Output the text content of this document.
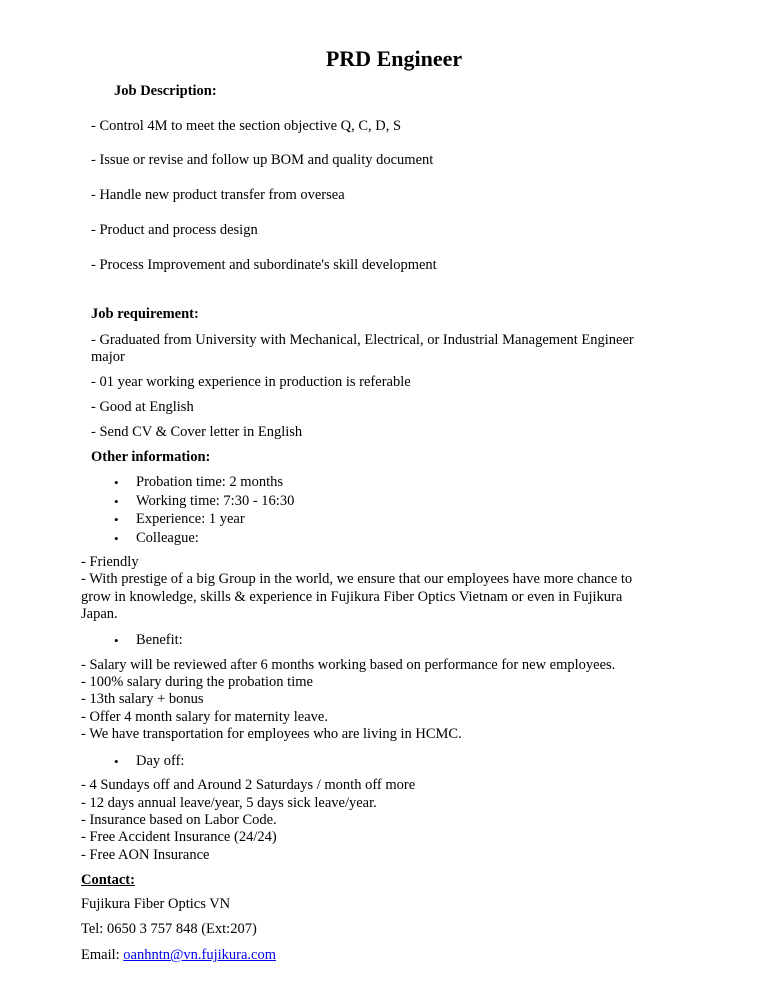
PRD Engineer
Job Description:
- Control 4M to meet the section objective Q, C, D, S
- Issue or revise and follow up BOM and quality document
- Handle new product transfer from oversea
- Product and process design
- Process Improvement and subordinate's skill development
Job requirement:
- Graduated from University with Mechanical, Electrical, or Industrial Management Engineer
major
- 01 year working experience in production is referable
- Good at English
- Send CV & Cover letter in English
Other information:
• Probation time: 2 months
• Working time: 7:30 - 16:30
• Experience: 1 year
• Colleague:
- Friendly
- With prestige of a big Group in the world, we ensure that our employees have more chance to
grow in knowledge, skills & experience in Fujikura Fiber Optics Vietnam or even in Fujikura
Japan.
• Benefit:
- Salary will be reviewed after 6 months working based on performance for new employees.
- 100% salary during the probation time
- 13th salary + bonus
- Offer 4 month salary for maternity leave.
- We have transportation for employees who are living in HCMC.
• Day off:
- 4 Sundays off and Around 2 Saturdays / month off more
- 12 days annual leave/year, 5 days sick leave/year.
- Insurance based on Labor Code.
- Free Accident Insurance (24/24)
- Free AON Insurance
Contact:
Fujikura Fiber Optics VN
Tel: 0650 3 757 848 (Ext:207)
Email: oanhntn@vn.fujikura.com
